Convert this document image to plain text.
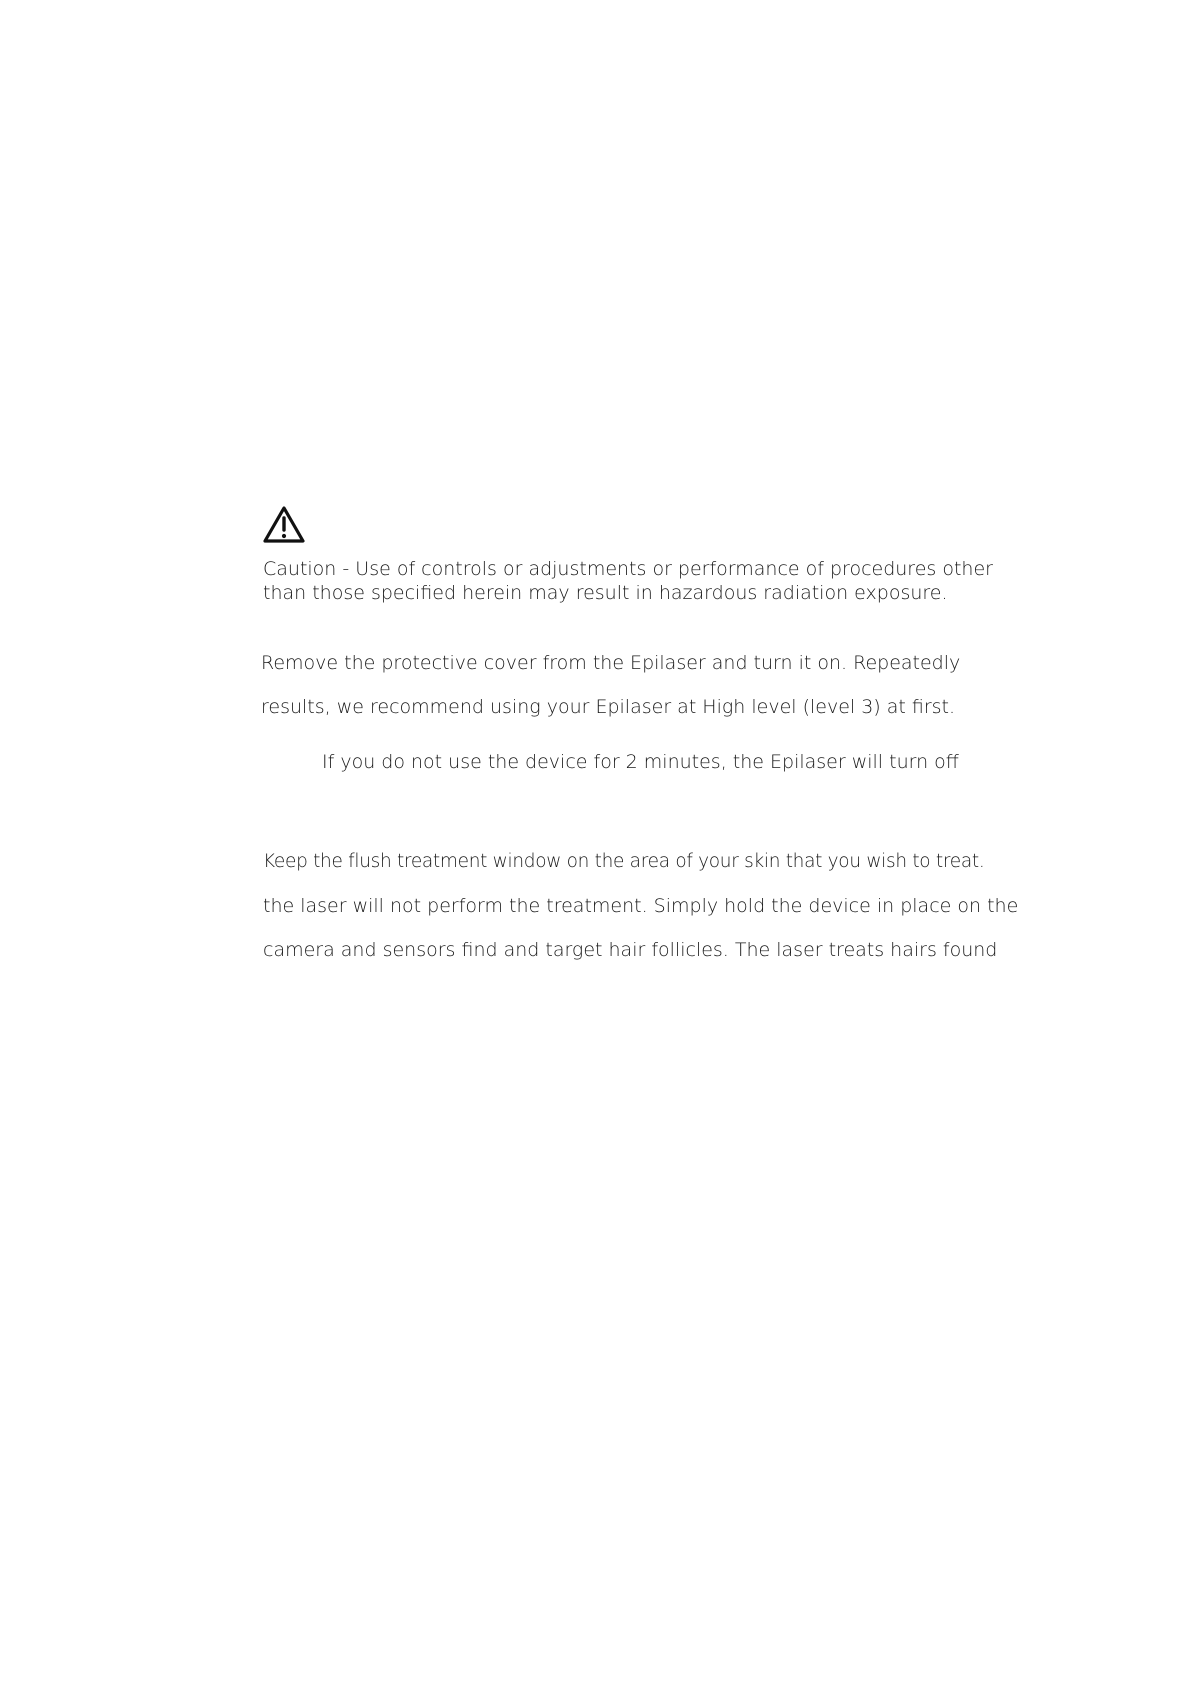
Caution - Use of controls or adjustments or performance of procedures other
than those specified herein may result in hazardous radiation exposure.
Remove the protective cover from the Epilaser and turn it on. Repeatedly
results, we recommend using your Epilaser at High level (level 3) at first.
If you do not use the device for 2 minutes, the Epilaser will turn off
Keep the flush treatment window on the area of your skin that you wish to treat.
the laser will not perform the treatment. Simply hold the device in place on the
camera and sensors find and target hair follicles. The laser treats hairs found
